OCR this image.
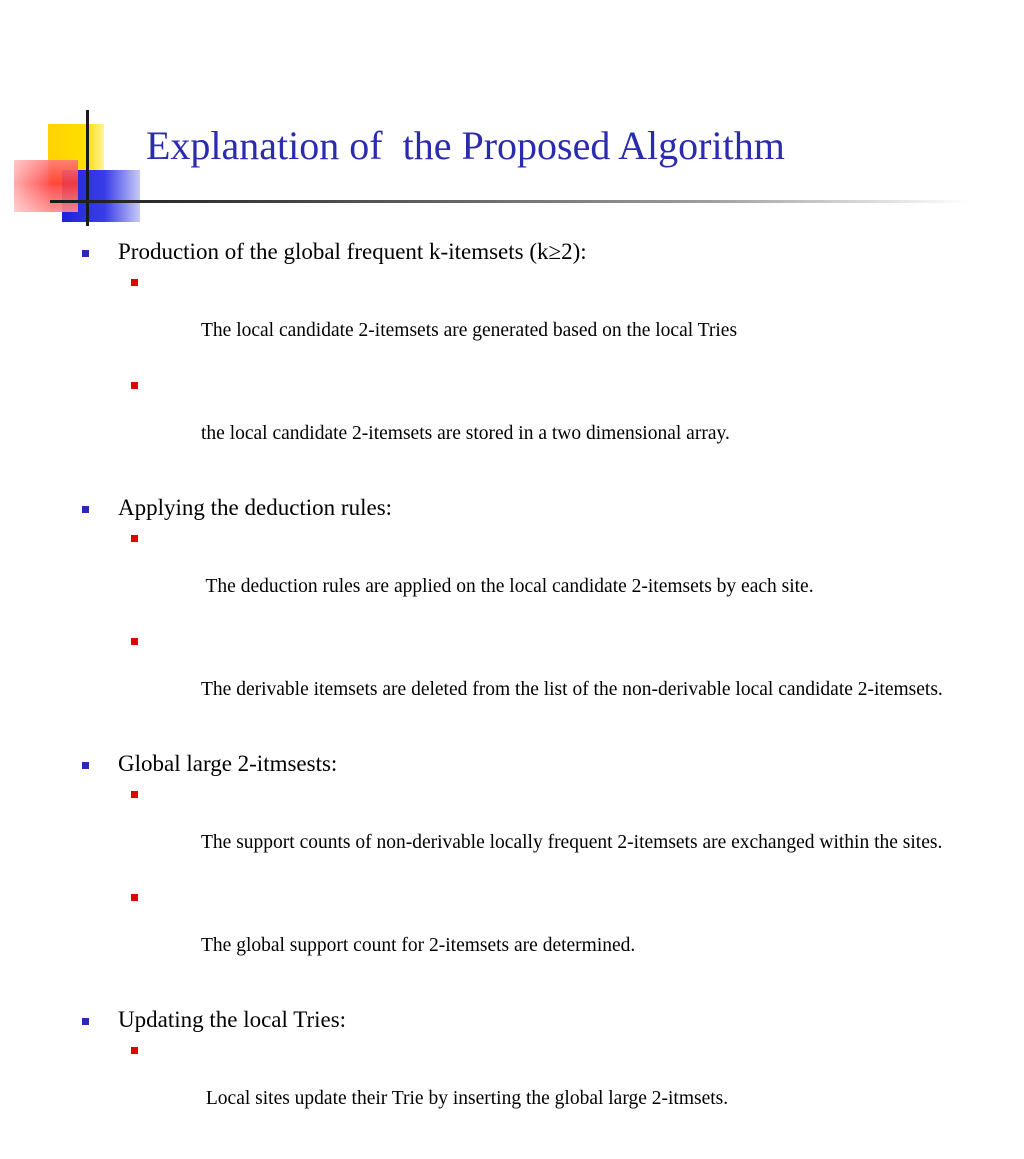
Explanation of  the Proposed Algorithm
Production of the global frequent k-itemsets (k≥2):

The local candidate 2-itemsets are generated based on the local Tries

the local candidate 2-itemsets are stored in a two dimensional array.

Applying the deduction rules:

The deduction rules are applied on the local candidate 2-itemsets by each site.

The derivable itemsets are deleted from the list of the non-derivable local candidate 2-itemsets.

Global large 2-itmsests:

The support counts of non-derivable locally frequent 2-itemsets are exchanged within the sites.

The global support count for 2-itemsets are determined.

Updating the local Tries:

Local sites update their Trie by inserting the global large 2-itmsets.
